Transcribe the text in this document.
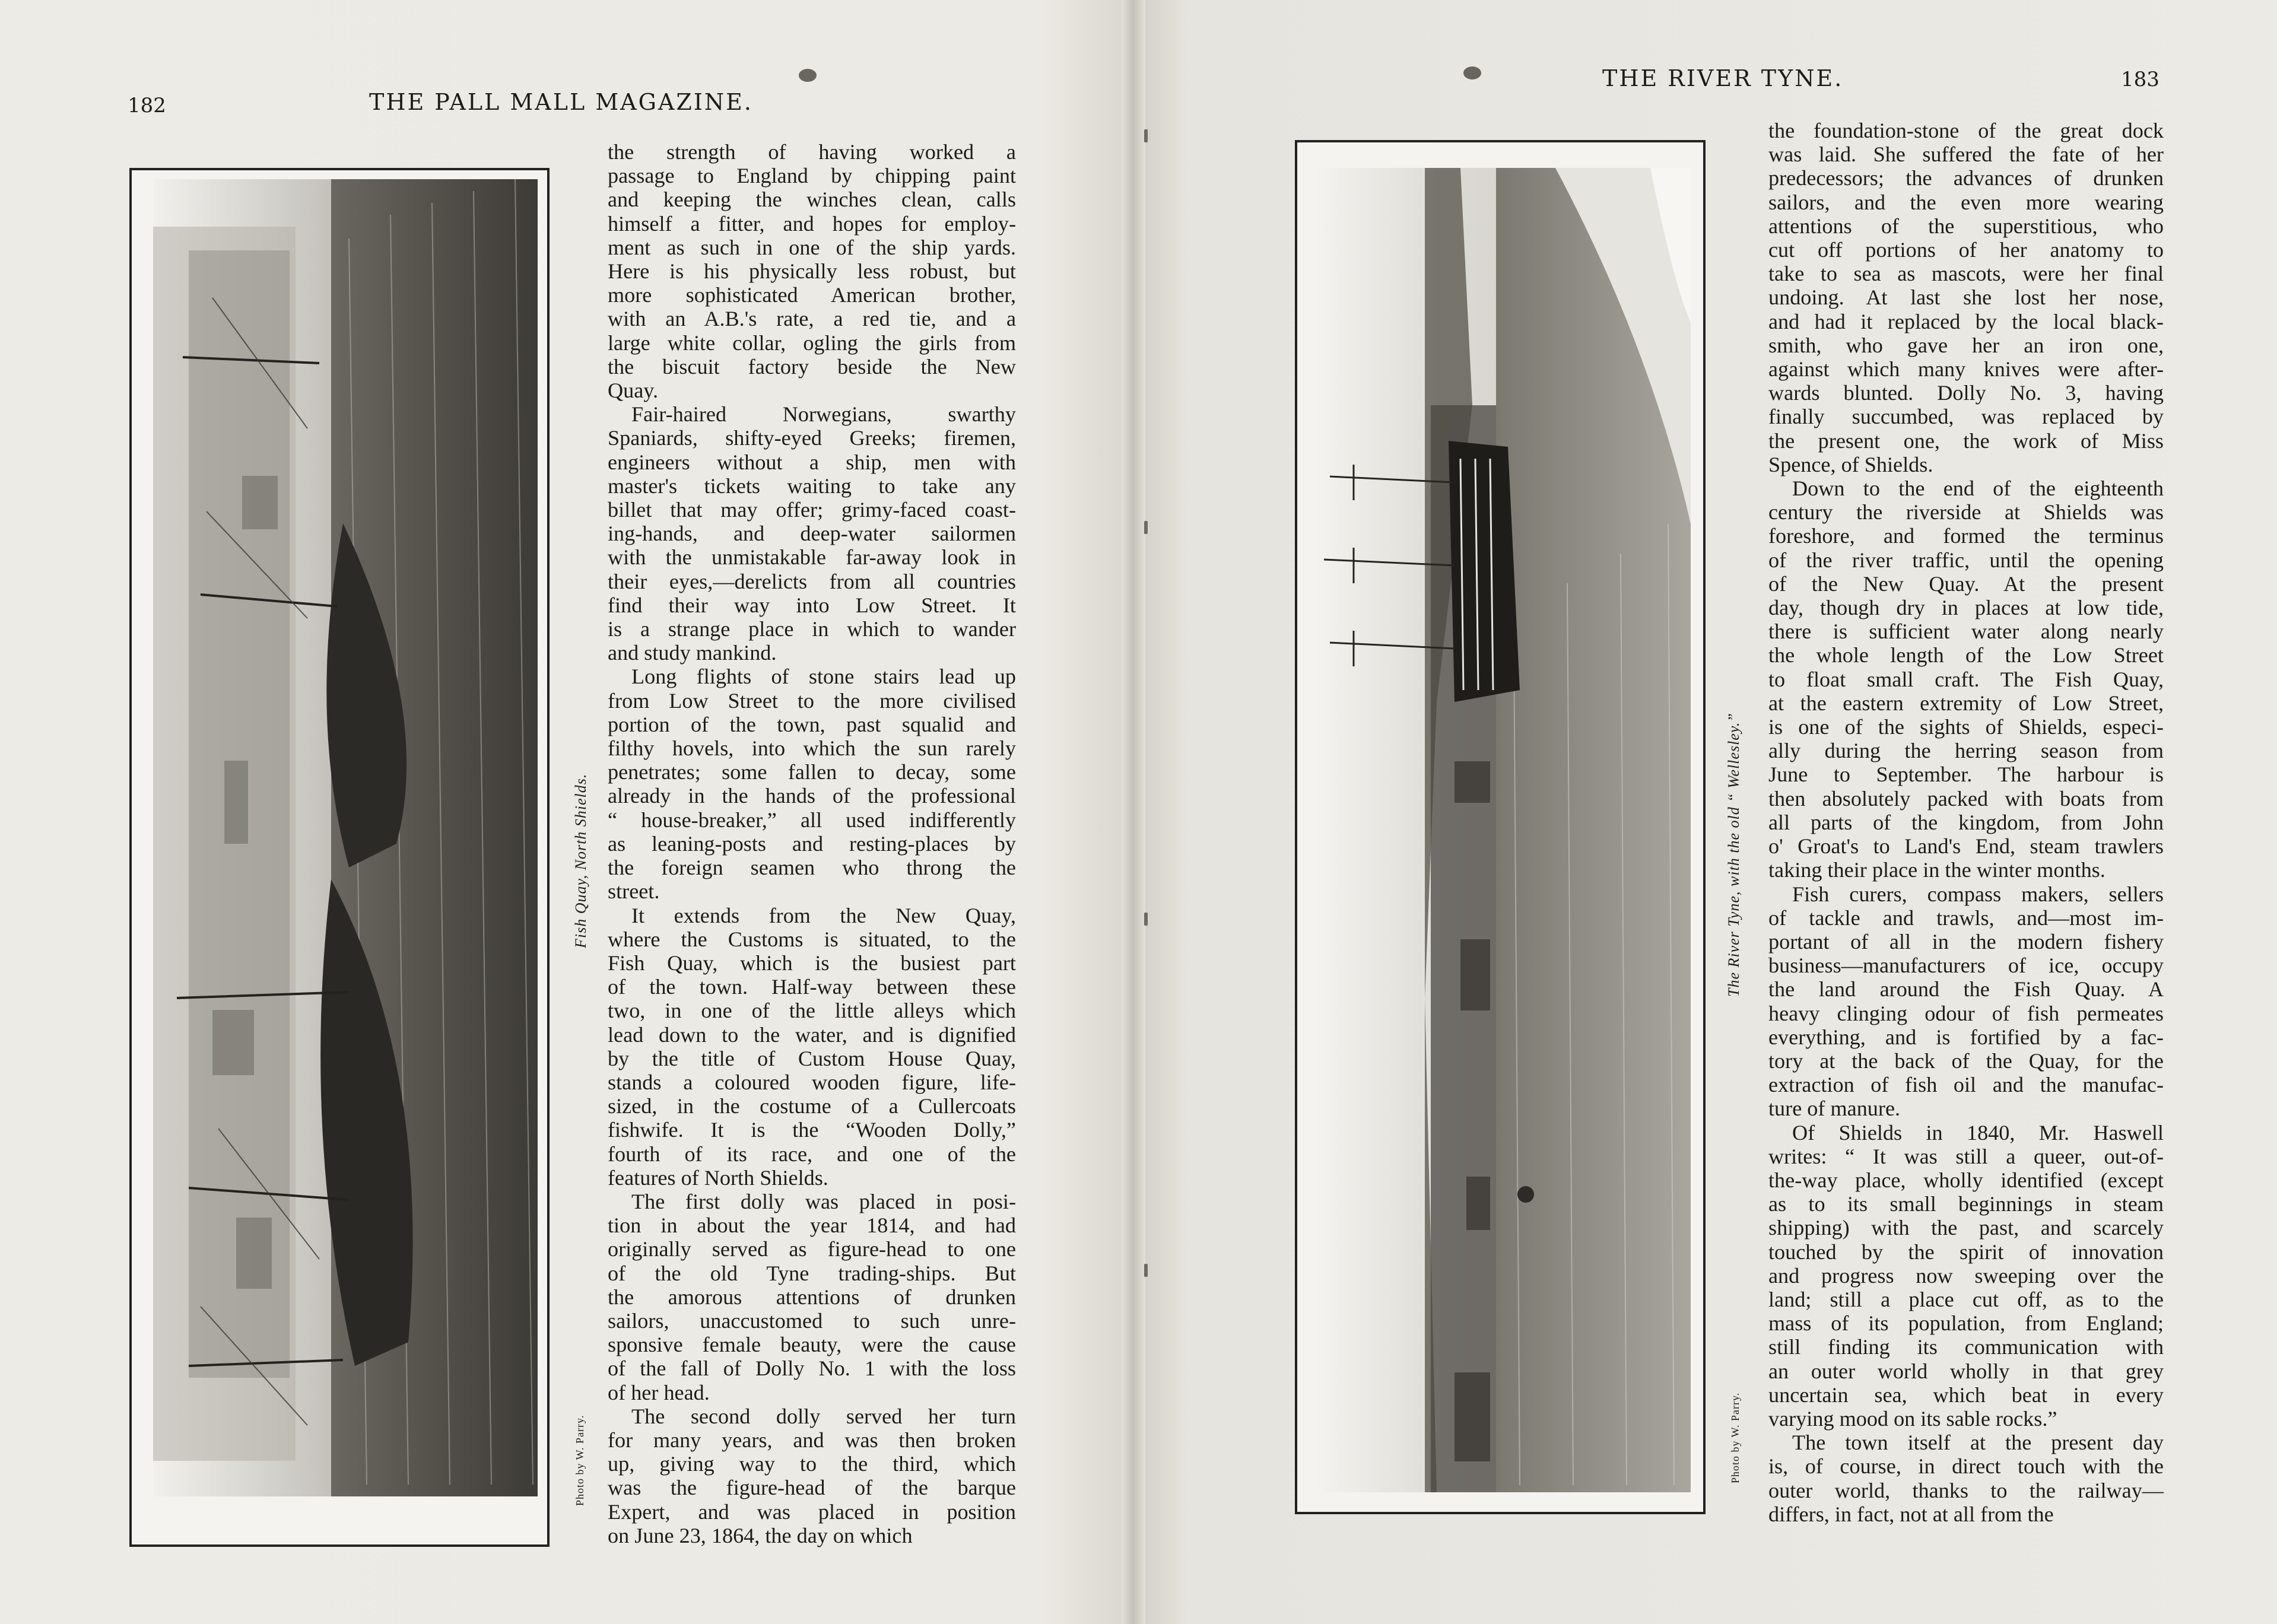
182	THE PALL MALL MAGAZINE.
Fish Quay, North Shields.
Photo by W. Parry.

the strength of having worked a

passage to England by chipping paint

and keeping the winches clean, calls

himself a fitter, and hopes for employ-

ment as such in one of the ship yards.

Here is his physically less robust, but

more sophisticated American brother,

with an A.B.'s rate, a red tie, and a

large white collar, ogling the girls from

the biscuit factory beside the New

Quay.

Fair-haired Norwegians, swarthy

Spaniards, shifty-eyed Greeks; firemen,

engineers without a ship, men with

master's tickets waiting to take any

billet that may offer; grimy-faced coast-

ing-hands, and deep-water sailormen

with the unmistakable far-away look in

their eyes,—derelicts from all countries

find their way into Low Street. It

is a strange place in which to wander

and study mankind.

Long flights of stone stairs lead up

from Low Street to the more civilised

portion of the town, past squalid and

filthy hovels, into which the sun rarely

penetrates; some fallen to decay, some

already in the hands of the professional

“ house-breaker,” all used indifferently

as leaning-posts and resting-places by

the foreign seamen who throng the

street.

It extends from the New Quay,

where the Customs is situated, to the

Fish Quay, which is the busiest part

of the town. Half-way between these

two, in one of the little alleys which

lead down to the water, and is dignified

by the title of Custom House Quay,

stands a coloured wooden figure, life-

sized, in the costume of a Cullercoats

fishwife. It is the “Wooden Dolly,”

fourth of its race, and one of the

features of North Shields.

The first dolly was placed in posi-

tion in about the year 1814, and had

originally served as figure-head to one

of the old Tyne trading-ships. But

the amorous attentions of drunken

sailors, unaccustomed to such unre-

sponsive female beauty, were the cause

of the fall of Dolly No. 1 with the loss

of her head.

The second dolly served her turn

for many years, and was then broken

up, giving way to the third, which

was the figure-head of the barque

Expert, and was placed in position

on June 23, 1864, the day on which

THE RIVER TYNE.	183
The River Tyne, with the old “ Wellesley.”
Photo by W. Parry.

the foundation-stone of the great dock

was laid. She suffered the fate of her

predecessors; the advances of drunken

sailors, and the even more wearing

attentions of the superstitious, who

cut off portions of her anatomy to

take to sea as mascots, were her final

undoing. At last she lost her nose,

and had it replaced by the local black-

smith, who gave her an iron one,

against which many knives were after-

wards blunted. Dolly No. 3, having

finally succumbed, was replaced by

the present one, the work of Miss

Spence, of Shields.

Down to the end of the eighteenth

century the riverside at Shields was

foreshore, and formed the terminus

of the river traffic, until the opening

of the New Quay. At the present

day, though dry in places at low tide,

there is sufficient water along nearly

the whole length of the Low Street

to float small craft. The Fish Quay,

at the eastern extremity of Low Street,

is one of the sights of Shields, especi-

ally during the herring season from

June to September. The harbour is

then absolutely packed with boats from

all parts of the kingdom, from John

o' Groat's to Land's End, steam trawlers

taking their place in the winter months.

Fish curers, compass makers, sellers

of tackle and trawls, and—most im-

portant of all in the modern fishery

business—manufacturers of ice, occupy

the land around the Fish Quay. A

heavy clinging odour of fish permeates

everything, and is fortified by a fac-

tory at the back of the Quay, for the

extraction of fish oil and the manufac-

ture of manure.

Of Shields in 1840, Mr. Haswell

writes: “ It was still a queer, out-of-

the-way place, wholly identified (except

as to its small beginnings in steam

shipping) with the past, and scarcely

touched by the spirit of innovation

and progress now sweeping over the

land; still a place cut off, as to the

mass of its population, from England;

still finding its communication with

an outer world wholly in that grey

uncertain sea, which beat in every

varying mood on its sable rocks.”

The town itself at the present day

is, of course, in direct touch with the

outer world, thanks to the railway—

differs, in fact, not at all from the
